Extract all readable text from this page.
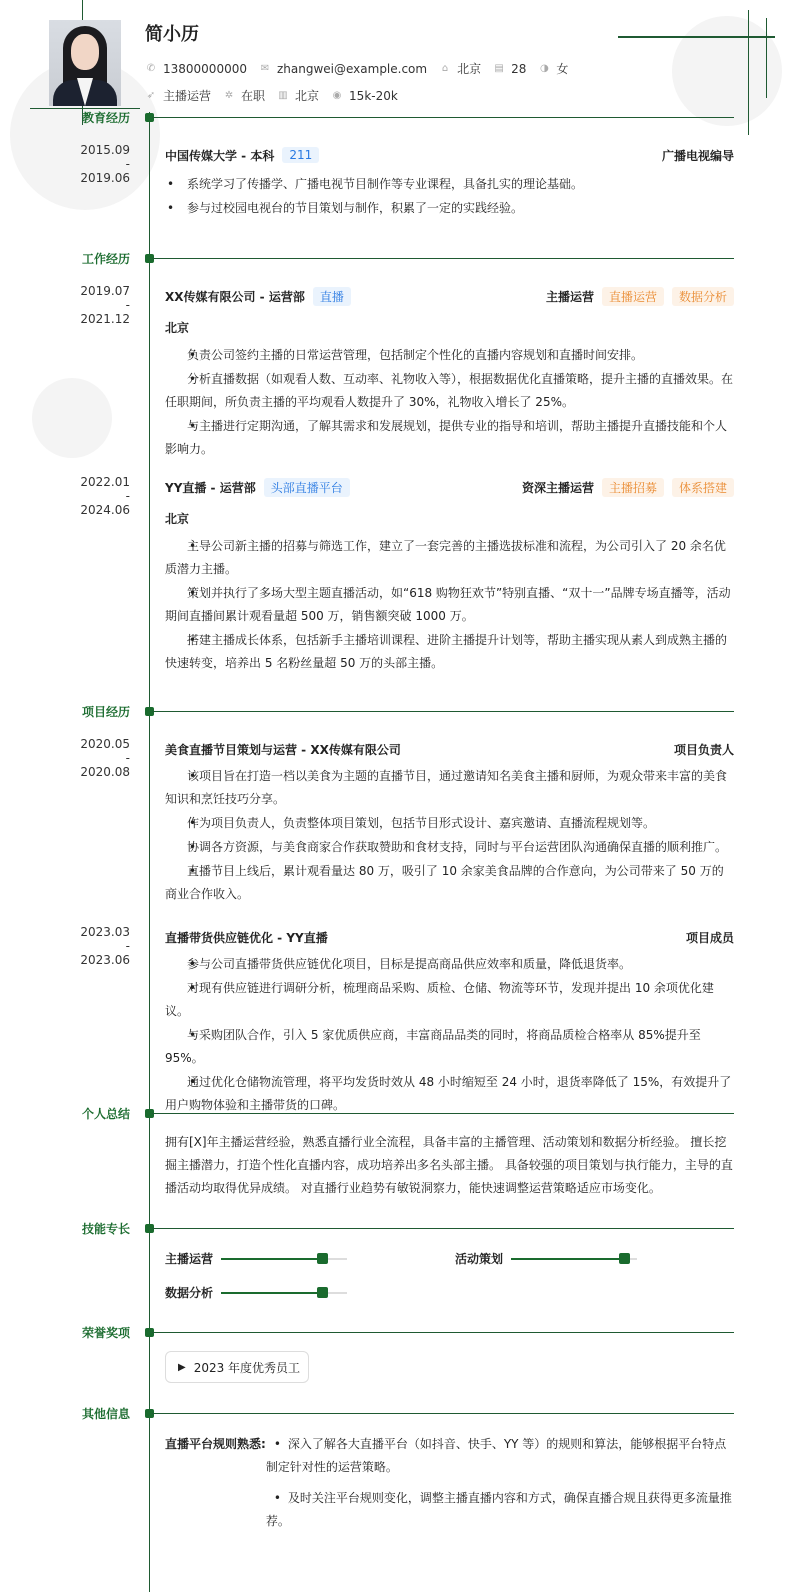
简小历
✆ 13800000000 ✉ zhangwei@example.com ⌂ 北京 ▤ 28 ◑ 女
➶ 主播运营 ✲ 在职 ▥ 北京 ◉ 15k-20k
教育经历
2015.09
-
2019.06
中国传媒大学 - 本科	211	广播电视编导
• 系统学习了传播学、广播电视节目制作等专业课程，具备扎实的理论基础。
• 参与过校园电视台的节目策划与制作，积累了一定的实践经验。
工作经历
2019.07
-
2021.12
XX传媒有限公司 - 运营部	直播	主播运营	直播运营	数据分析
北京
• 负责公司签约主播的日常运营管理，包括制定个性化的直播内容规划和直播时间安排。
• 分析直播数据（如观看人数、互动率、礼物收入等），根据数据优化直播策略，提升主播的直播效果。在任职期间，所负责主播的平均观看人数提升了 30%，礼物收入增长了 25%。
• 与主播进行定期沟通，了解其需求和发展规划，提供专业的指导和培训，帮助主播提升直播技能和个人影响力。
2022.01
-
2024.06
YY直播 - 运营部	头部直播平台	资深主播运营	主播招募	体系搭建
北京
• 主导公司新主播的招募与筛选工作，建立了一套完善的主播选拔标准和流程，为公司引入了 20 余名优质潜力主播。
• 策划并执行了多场大型主题直播活动，如“618 购物狂欢节”特别直播、“双十一”品牌专场直播等，活动期间直播间累计观看量超 500 万，销售额突破 1000 万。
• 搭建主播成长体系，包括新手主播培训课程、进阶主播提升计划等，帮助主播实现从素人到成熟主播的快速转变，培养出 5 名粉丝量超 50 万的头部主播。
项目经历
2020.05
-
2020.08
美食直播节目策划与运营 - XX传媒有限公司	项目负责人
• 该项目旨在打造一档以美食为主题的直播节目，通过邀请知名美食主播和厨师，为观众带来丰富的美食知识和烹饪技巧分享。
• 作为项目负责人，负责整体项目策划，包括节目形式设计、嘉宾邀请、直播流程规划等。
• 协调各方资源，与美食商家合作获取赞助和食材支持，同时与平台运营团队沟通确保直播的顺利推广。
• 直播节目上线后，累计观看量达 80 万，吸引了 10 余家美食品牌的合作意向，为公司带来了 50 万的商业合作收入。
2023.03
-
2023.06
直播带货供应链优化 - YY直播	项目成员
• 参与公司直播带货供应链优化项目，目标是提高商品供应效率和质量，降低退货率。
• 对现有供应链进行调研分析，梳理商品采购、质检、仓储、物流等环节，发现并提出 10 余项优化建议。
• 与采购团队合作，引入 5 家优质供应商，丰富商品品类的同时，将商品质检合格率从 85%提升至 95%。
• 通过优化仓储物流管理，将平均发货时效从 48 小时缩短至 24 小时，退货率降低了 15%，有效提升了用户购物体验和主播带货的口碑。
个人总结
拥有[X]年主播运营经验，熟悉直播行业全流程，具备丰富的主播管理、活动策划和数据分析经验。 擅长挖掘主播潜力，打造个性化直播内容，成功培养出多名头部主播。 具备较强的项目策划与执行能力，主导的直播活动均取得优异成绩。 对直播行业趋势有敏锐洞察力，能快速调整运营策略适应市场变化。
技能专长
主播运营	活动策划
数据分析
荣誉奖项
▶ 2023 年度优秀员工
其他信息
直播平台规则熟悉:	• 深入了解各大直播平台（如抖音、快手、YY 等）的规则和算法，能够根据平台特点制定针对性的运营策略。
• 及时关注平台规则变化，调整主播直播内容和方式，确保直播合规且获得更多流量推荐。
